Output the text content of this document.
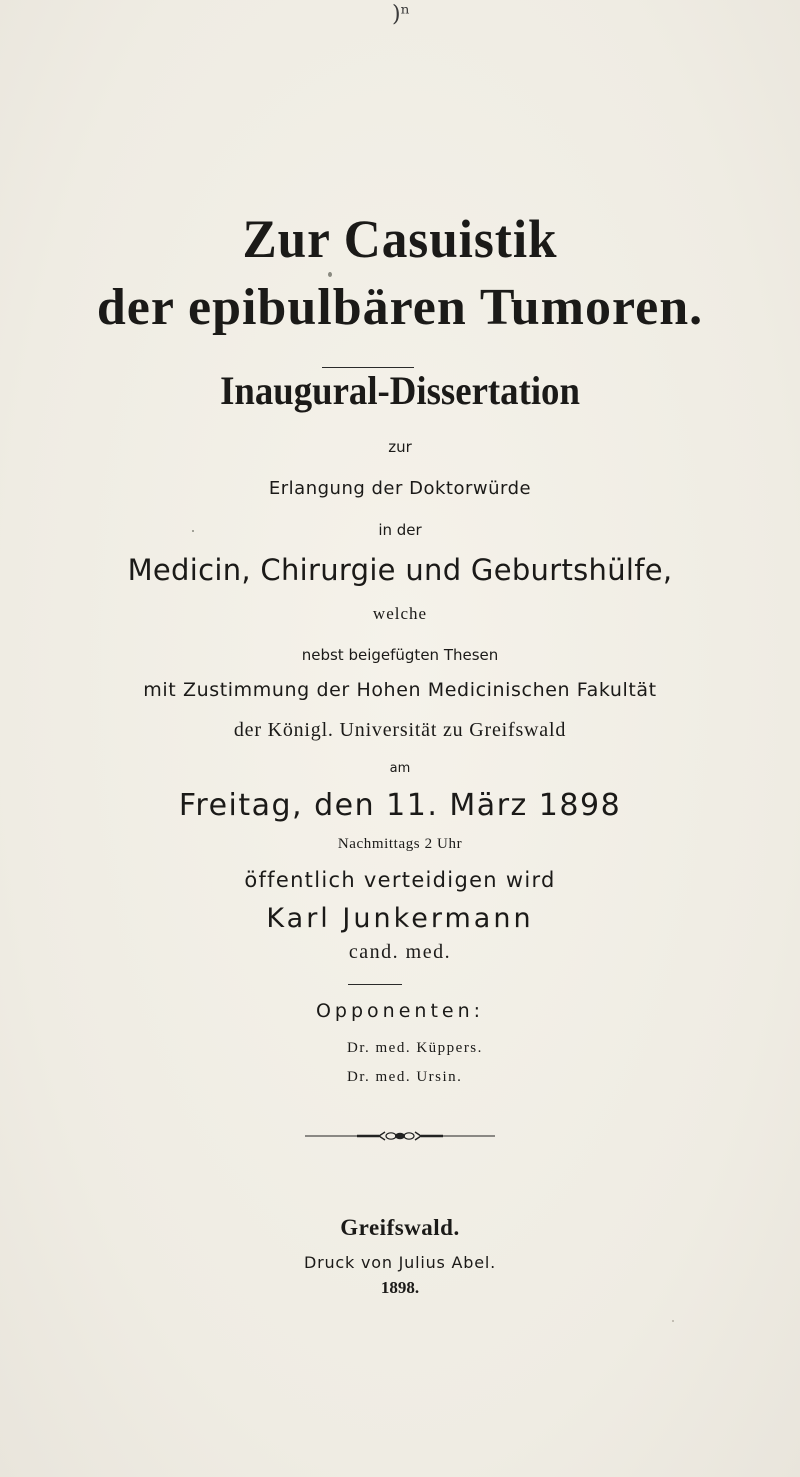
)ⁿ
Zur Casuistik
der epibulbären Tumoren.
Inaugural-Dissertation
zur
Erlangung der Doktorwürde
in der
Medicin, Chirurgie und Geburtshülfe,
welche
nebst beigefügten Thesen
mit Zustimmung der Hohen Medicinischen Fakultät
der Königl. Universität zu Greifswald
am
Freitag, den 11. März 1898
Nachmittags 2 Uhr
öffentlich verteidigen wird
Karl Junkermann
cand. med.
Opponenten:
Dr. med. Küppers.
Dr. med. Ursin.
Greifswald.
Druck von Julius Abel.
1898.
